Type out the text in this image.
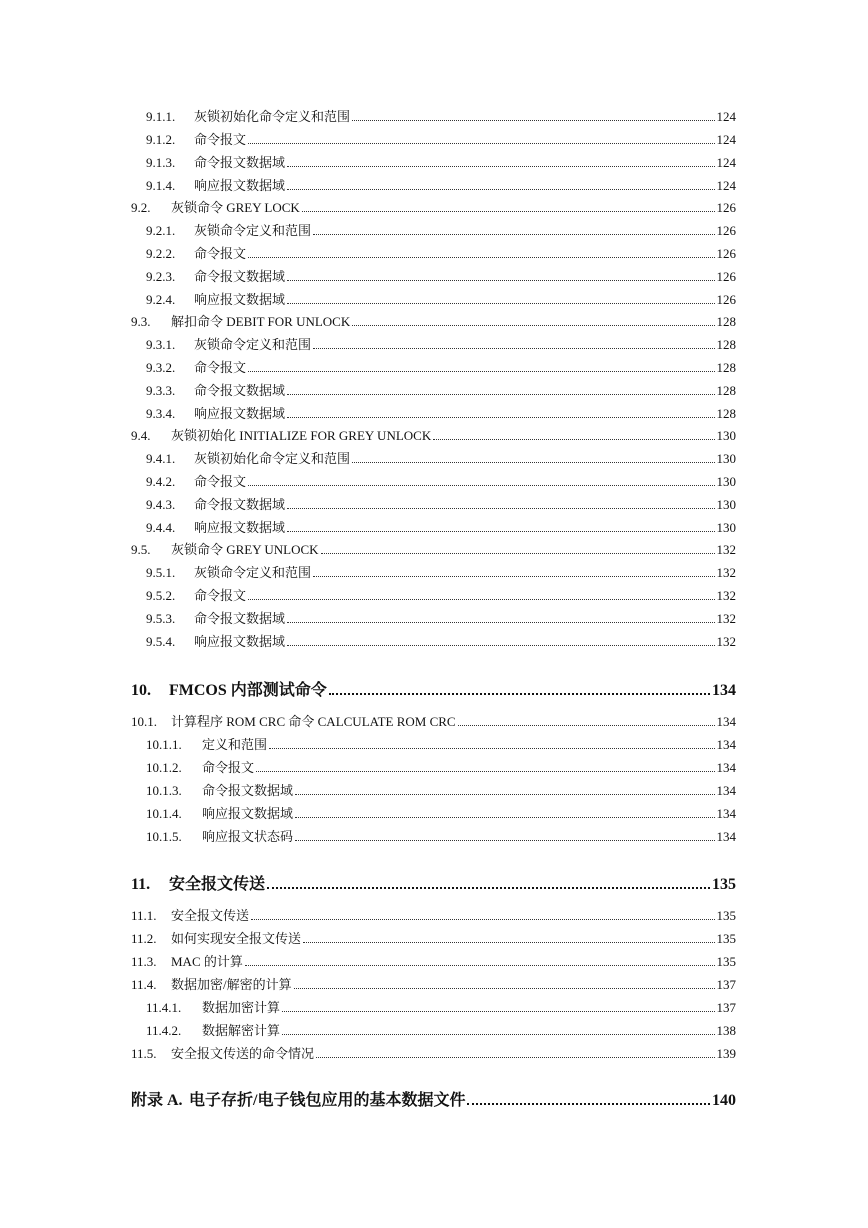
9.1.1.	灰锁初始化命令定义和范围	124
9.1.2.	命令报文	124
9.1.3.	命令报文数据域	124
9.1.4.	响应报文数据域	124
9.2.	灰锁命令 GREY LOCK	126
9.2.1.	灰锁命令定义和范围	126
9.2.2.	命令报文	126
9.2.3.	命令报文数据域	126
9.2.4.	响应报文数据域	126
9.3.	解扣命令 DEBIT FOR UNLOCK	128
9.3.1.	灰锁命令定义和范围	128
9.3.2.	命令报文	128
9.3.3.	命令报文数据域	128
9.3.4.	响应报文数据域	128
9.4.	灰锁初始化 INITIALIZE FOR GREY UNLOCK	130
9.4.1.	灰锁初始化命令定义和范围	130
9.4.2.	命令报文	130
9.4.3.	命令报文数据域	130
9.4.4.	响应报文数据域	130
9.5.	灰锁命令 GREY UNLOCK	132
9.5.1.	灰锁命令定义和范围	132
9.5.2.	命令报文	132
9.5.3.	命令报文数据域	132
9.5.4.	响应报文数据域	132
10.	FMCOS 内部测试命令	134
10.1.	计算程序 ROM CRC 命令 CALCULATE ROM CRC	134
10.1.1.	定义和范围	134
10.1.2.	命令报文	134
10.1.3.	命令报文数据域	134
10.1.4.	响应报文数据域	134
10.1.5.	响应报文状态码	134
11.	安全报文传送	135
11.1.	安全报文传送	135
11.2.	如何实现安全报文传送	135
11.3.	MAC 的计算	135
11.4.	数据加密/解密的计算	137
11.4.1.	数据加密计算	137
11.4.2.	数据解密计算	138
11.5.	安全报文传送的命令情况	139
附录 A. 电子存折/电子钱包应用的基本数据文件	140
